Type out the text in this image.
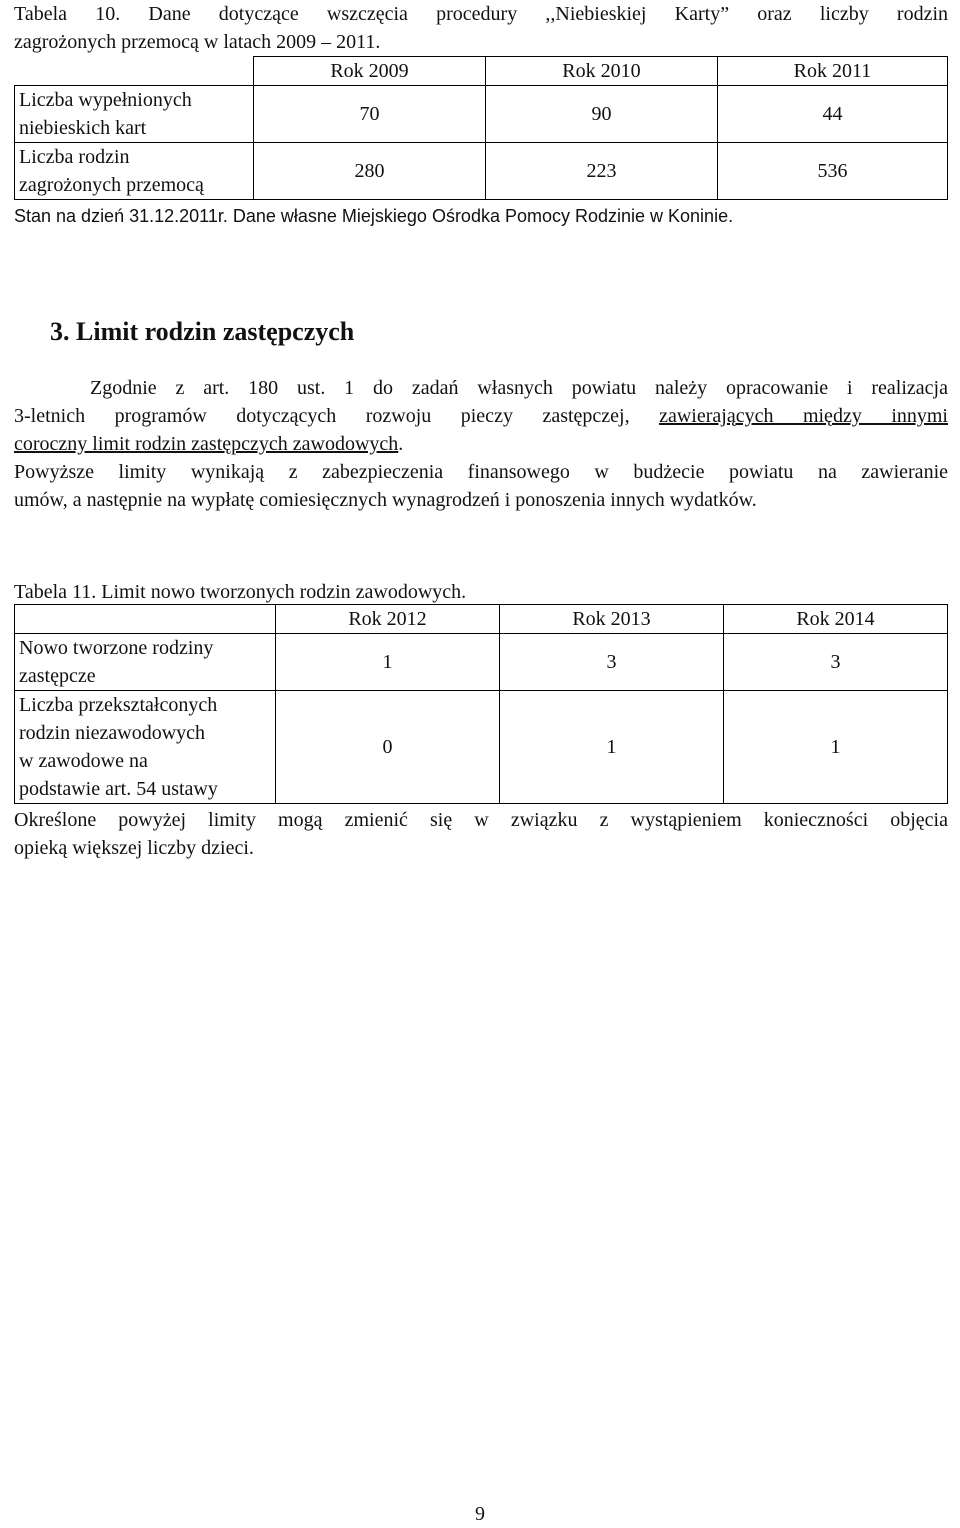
Tabela 10. Dane dotyczące wszczęcia procedury ,,Niebieskiej Karty” oraz liczby rodzin

zagrożonych przemocą w latach 2009 – 2011.

	Rok 2009	Rok 2010	Rok 2011

Liczba wypełnionych
niebieskich kart	70	90	44

Liczba rodzin
zagrożonych przemocą	280	223	536

Stan na dzień 31.12.2011r. Dane własne Miejskiego Ośrodka Pomocy Rodzinie w Koninie.

3. Limit rodzin zastępczych

Zgodnie z art. 180 ust. 1 do zadań własnych powiatu należy opracowanie i realizacja

3-letnich programów dotyczących rozwoju pieczy zastępczej, zawierających między innymi

coroczny limit rodzin zastępczych zawodowych.

Powyższe limity wynikają z zabezpieczenia finansowego w budżecie powiatu na zawieranie

umów, a następnie na wypłatę comiesięcznych wynagrodzeń i ponoszenia innych wydatków.

Tabela 11. Limit nowo tworzonych rodzin zawodowych.

	Rok 2012	Rok 2013	Rok 2014

Nowo tworzone rodziny
zastępcze	1	3	3

Liczba przekształconych
rodzin niezawodowych
w zawodowe na
podstawie art. 54 ustawy	0	1	1

Określone powyżej limity mogą zmienić się w związku z wystąpieniem konieczności objęcia

opieką większej liczby dzieci.

9
